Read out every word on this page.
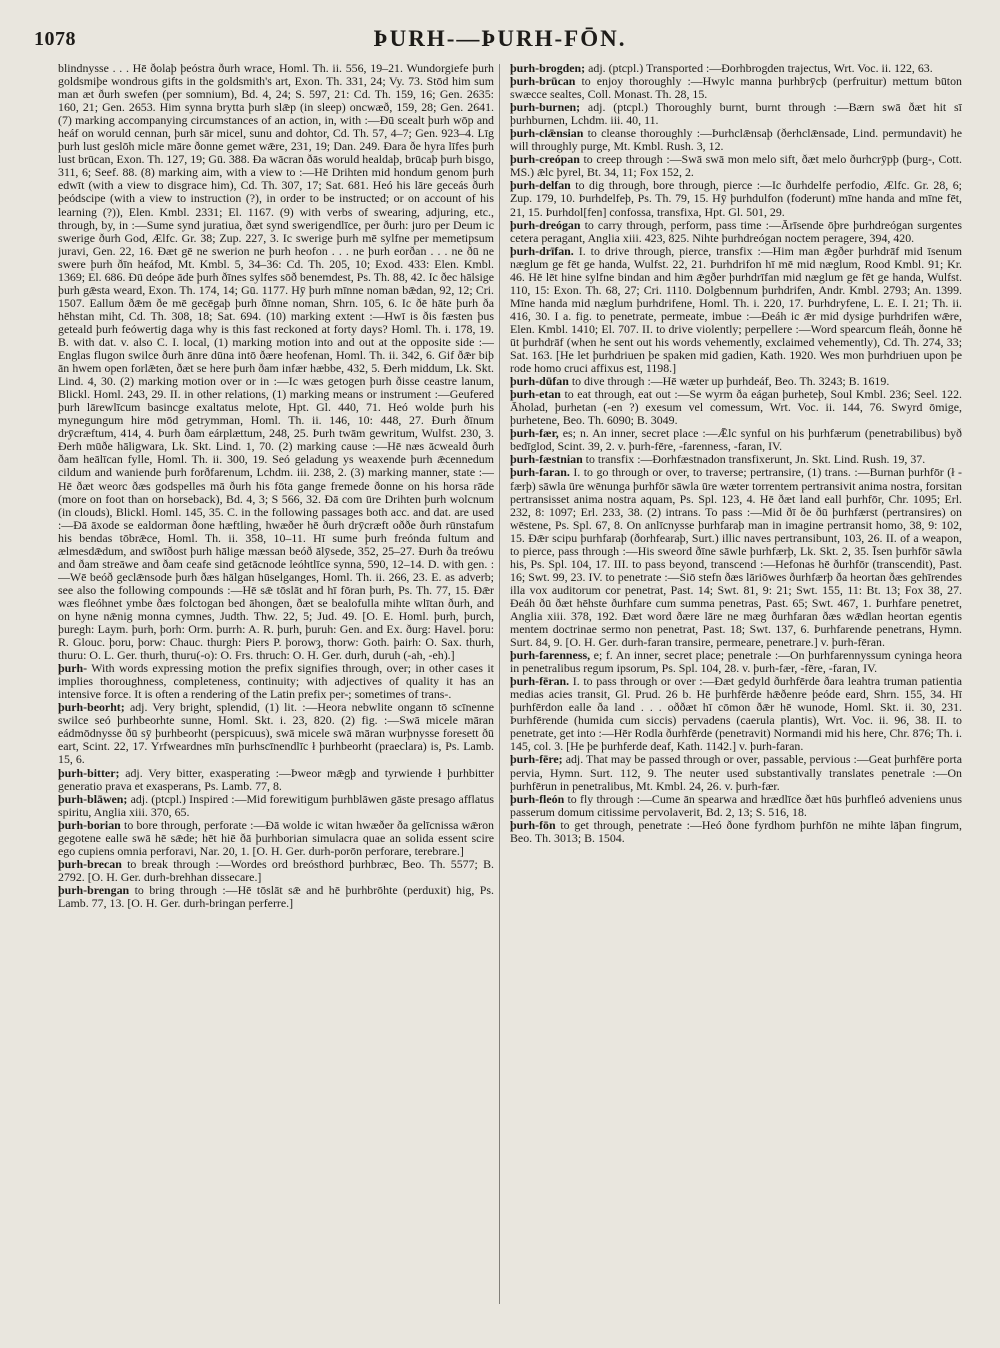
1078	ÞURH-—ÞURH-FŌN.

blindnysse . . . Hē ðolaþ þeóstra ðurh wrace, Homl. Th. ii. 556, 19–21. Wundorgiefe þurh goldsmiþe wondrous gifts in the goldsmith's art, Exon. Th. 331, 24; Vy. 73. Stōd him sum man æt ðurh swefen (per somnium), Bd. 4, 24; S. 597, 21: Cd. Th. 159, 16; Gen. 2635: 160, 21; Gen. 2653. Him synna brytta þurh slǣp (in sleep) oncwæð, 159, 28; Gen. 2641. (7) marking accompanying circumstances of an action, in, with :—Ðū scealt þurh wōp and heáf on woruld cennan, þurh sār micel, sunu and dohtor, Cd. Th. 57, 4–7; Gen. 923–4. Līg þurh lust geslōh micle māre ðonne gemet wǣre, 231, 19; Dan. 249. Ðara ðe hyra līfes þurh lust brūcan, Exon. Th. 127, 19; Gū. 388. Ða wācran ðās woruld healdaþ, brūcaþ þurh bisgo, 311, 6; Seef. 88. (8) marking aim, with a view to :—Hē Drihten mid hondum genom þurh edwīt (with a view to disgrace him), Cd. Th. 307, 17; Sat. 681. Heó his lāre geceás ðurh þeódscipe (with a view to instruction (?), in order to be instructed; or on account of his learning (?)), Elen. Kmbl. 2331; El. 1167. (9) with verbs of swearing, adjuring, etc., through, by, in :—Sume synd juratiua, ðæt synd swerigendlīce, per ðurh: juro per Deum ic swerige ðurh God, Ælfc. Gr. 38; Zup. 227, 3. Ic swerige þurh mē sylfne per memetipsum juravi, Gen. 22, 16. Ðæt gē ne swerion ne þurh heofon . . . ne þurh eorðan . . . ne ðū ne swere þurh ðīn heáfod, Mt. Kmbl. 5, 34–36: Cd. Th. 205, 10; Exod. 433: Elen. Kmbl. 1369; El. 686. Ðū deópe āde þurh ðīnes sylfes sōð benemdest, Ps. Th. 88, 42. Ic ðec hālsige þurh gǣsta weard, Exon. Th. 174, 14; Gū. 1177. Hȳ þurh mīnne noman bǣdan, 92, 12; Cri. 1507. Eallum ðǣm ðe mē gecēgaþ þurh ðīnne noman, Shrn. 105, 6. Ic ðē hāte þurh ða hēhstan miht, Cd. Th. 308, 18; Sat. 694. (10) marking extent :—Hwī is ðis fæsten þus geteald þurh feówertig daga why is this fast reckoned at forty days? Homl. Th. i. 178, 19. B. with dat. v. also C. I. local, (1) marking motion into and out at the opposite side :—Englas flugon swilce ðurh ānre dūna intō ðære heofenan, Homl. Th. ii. 342, 6. Gif ðǣr biþ ān hwem open forlǣten, ðæt se here þurh ðam infær hæbbe, 432, 5. Ðerh middum, Lk. Skt. Lind. 4, 30. (2) marking motion over or in :—Ic wæs getogen þurh ðisse ceastre lanum, Blickl. Homl. 243, 29. II. in other relations, (1) marking means or instrument :—Geufered þurh lārewlīcum basincge exaltatus melote, Hpt. Gl. 440, 71. Heó wolde þurh his mynegungum hire mōd getrymman, Homl. Th. ii. 146, 10: 448, 27. Ðurh ðīnum drȳcræftum, 414, 4. Þurh ðam eárplættum, 248, 25. Þurh twām gewritum, Wulfst. 230, 3. Ðerh mūðe hāligwara, Lk. Skt. Lind. 1, 70. (2) marking cause :—Hē næs ācweald ðurh ðam heālīcan fylle, Homl. Th. ii. 300, 19. Seó geladung ys weaxende þurh ǣcennedum cildum and waniende þurh forðfarenum, Lchdm. iii. 238, 2. (3) marking manner, state :—Hē ðæt weorc ðæs godspelles mā ðurh his fōta gange fremede ðonne on his horsa rāde (more on foot than on horseback), Bd. 4, 3; S 566, 32. Ðā com ūre Drihten þurh wolcnum (in clouds), Blickl. Homl. 145, 35. C. in the following passages both acc. and dat. are used :—Ðā āxode se ealdorman ðone hæftling, hwæðer hē ðurh drȳcræft oððe ðurh rūnstafum his bendas tōbrǣce, Homl. Th. ii. 358, 10–11. Hī sume þurh freónda fultum and ælmesdǣdum, and swīðost þurh hālige mæssan beóð ālȳsede, 352, 25–27. Ðurh ða treówu and ðam streāwe and ðam ceafe sind getācnode leóhtlīce synna, 590, 12–14. D. with gen. :—Wē beóð geclǣnsode þurh ðæs hālgan hūselganges, Homl. Th. ii. 266, 23. E. as adverb; see also the following compounds :—Hē sǣ tōslāt and hī fōran þurh, Ps. Th. 77, 15. Ðǣr wæs fleóhnet ymbe ðæs folctogan bed āhongen, ðæt se bealofulla mihte wlītan ðurh, and on hyne nǣnig monna cymnes, Judth. Thw. 22, 5; Jud. 49. [O. E. Homl. þurh, þurch, þuregh: Laym. þurh, þorh: Orm. þurrh: A. R. þurh, þuruh: Gen. and Ex. ðurg: Havel. þoru: R. Glouc. þoru, þorw: Chauc. thurgh: Piers P. þorowȝ, thorw: Goth. þairh: O. Sax. thurh, thuru: O. L. Ger. thurh, thuru(-o): O. Frs. thruch: O. H. Ger. durh, duruh (-ah, -eh).]

þurh- With words expressing motion the prefix signifies through, over; in other cases it implies thoroughness, completeness, continuity; with adjectives of quality it has an intensive force. It is often a rendering of the Latin prefix per-; sometimes of trans-.

þurh-beorht; adj. Very bright, splendid, (1) lit. :—Heora nebwlite ongann tō scīnenne swilce seó þurhbeorhte sunne, Homl. Skt. i. 23, 820. (2) fig. :—Swā micele māran eádmōdnysse ðū sȳ þurhbeorht (perspicuus), swā micele swā māran wurþnysse foresett ðū eart, Scint. 22, 17. Yrfweardnes mīn þurhscīnendlīc ł þurhbeorht (praeclara) is, Ps. Lamb. 15, 6.

þurh-bitter; adj. Very bitter, exasperating :—Þweor mǣgþ and tyrwiende ł þurhbitter generatio prava et exasperans, Ps. Lamb. 77, 8.

þurh-blāwen; adj. (ptcpl.) Inspired :—Mid forewitigum þurhblāwen gāste presago afflatus spiritu, Anglia xiii. 370, 65.

þurh-borian to bore through, perforate :—Ðā wolde ic witan hwæðer ða gelīcnissa wǣron gegotene ealle swā hē sǣde; hēt hiē ðā þurhborian simulacra quae an solida essent scire ego cupiens omnia perforavi, Nar. 20, 1. [O. H. Ger. durh-porōn perforare, terebrare.]

þurh-brecan to break through :—Wordes ord breósthord þurhbræc, Beo. Th. 5577; B. 2792. [O. H. Ger. durh-brehhan dissecare.]

þurh-brengan to bring through :—Hē tōslāt sǣ and hē þurhbrōhte (perduxit) hig, Ps. Lamb. 77, 13. [O. H. Ger. durh-bringan perferre.]

þurh-brogden; adj. (ptcpl.) Transported :—Ðorhbrogden trajectus, Wrt. Voc. ii. 122, 63.

þurh-brūcan to enjoy thoroughly :—Hwylc manna þurhbrȳcþ (perfruitur) mettum būton swæcce sealtes, Coll. Monast. Th. 28, 15.

þurh-burnen; adj. (ptcpl.) Thoroughly burnt, burnt through :—Bærn swā ðæt hit sī þurhburnen, Lchdm. iii. 40, 11.

þurh-clǣnsian to cleanse thoroughly :—Þurhclǣnsaþ (ðerhclǣnsade, Lind. permundavit) he will throughly purge, Mt. Kmbl. Rush. 3, 12.

þurh-creópan to creep through :—Swā swā mon melo sift, ðæt melo ðurhcrȳpþ (þurg-, Cott. MS.) ǣlc þyrel, Bt. 34, 11; Fox 152, 2.

þurh-delfan to dig through, bore through, pierce :—Ic ðurhdelfe perfodio, Ælfc. Gr. 28, 6; Zup. 179, 10. Þurhdelfeþ, Ps. Th. 79, 15. Hȳ þurhdulfon (foderunt) mīne handa and mīne fēt, 21, 15. Þurhdol[fen] confossa, transfixa, Hpt. Gl. 501, 29.

þurh-dreógan to carry through, perform, pass time :—Ārīsende ōþre þurhdreógan surgentes cetera peragant, Anglia xiii. 423, 825. Nihte þurhdreógan noctem peragere, 394, 420.

þurh-drīfan. I. to drive through, pierce, transfix :—Him man ǣgðer þurhdrāf mid īsenum næglum ge fēt ge handa, Wulfst. 22, 21. Þurhdrifon hī mē mid næglum, Rood Kmbl. 91; Kr. 46. Hē lēt hine sylfne bindan and him ǣgðer þurhdrīfan mid næglum ge fēt ge handa, Wulfst. 110, 15: Exon. Th. 68, 27; Cri. 1110. Dolgbennum þurhdrifen, Andr. Kmbl. 2793; An. 1399. Mīne handa mid næglum þurhdrifene, Homl. Th. i. 220, 17. Þurhdryfene, L. E. I. 21; Th. ii. 416, 30. I a. fig. to penetrate, permeate, imbue :—Ðeáh ic ǣr mid dysige þurhdrifen wǣre, Elen. Kmbl. 1410; El. 707. II. to drive violently; perpellere :—Word spearcum fleáh, ðonne hē ūt þurhdrāf (when he sent out his words vehemently, exclaimed vehemently), Cd. Th. 274, 33; Sat. 163. [He let þurhdriuen þe spaken mid gadien, Kath. 1920. Wes mon þurhdriuen upon þe rode homo cruci affixus est, 1198.]

þurh-dūfan to dive through :—Hē wæter up þurhdeáf, Beo. Th. 3243; B. 1619.

þurh-etan to eat through, eat out :—Se wyrm ða eágan þurheteþ, Soul Kmbl. 236; Seel. 122. Āholad, þurhetan (-en ?) exesum vel comessum, Wrt. Voc. ii. 144, 76. Swyrd ōmige, þurhetene, Beo. Th. 6090; B. 3049.

þurh-fær, es; n. An inner, secret place :—Ǣlc synful on his þurhfærum (penetrabilibus) byð bedīglod, Scint. 39, 2. v. þurh-fēre, -farenness, -faran, IV.

þurh-fæstnian to transfix :—Ðorhfæstnadon transfixerunt, Jn. Skt. Lind. Rush. 19, 37.

þurh-faran. I. to go through or over, to traverse; pertransire, (1) trans. :—Burnan þurhfōr (ł -færþ) sāwla ūre wēnunga þurhfōr sāwla ūre wæter torrentem pertransivit anima nostra, forsitan pertransisset anima nostra aquam, Ps. Spl. 123, 4. Hē ðæt land eall þurhfōr, Chr. 1095; Erl. 232, 8: 1097; Erl. 233, 38. (2) intrans. To pass :—Mid ðī ðe ðū þurhfærst (pertransires) on wēstene, Ps. Spl. 67, 8. On anlīcnysse þurhfaraþ man in imagine pertransit homo, 38, 9: 102, 15. Ðǣr scipu þurhfaraþ (ðorhfearaþ, Surt.) illic naves pertransibunt, 103, 26. II. of a weapon, to pierce, pass through :—His sweord ðīne sāwle þurhfærþ, Lk. Skt. 2, 35. Īsen þurhfōr sāwla his, Ps. Spl. 104, 17. III. to pass beyond, transcend :—Hefonas hē ðurhfōr (transcendit), Past. 16; Swt. 99, 23. IV. to penetrate :—Siō stefn ðæs lāriōwes ðurhfærþ ða heortan ðæs gehīrendes illa vox auditorum cor penetrat, Past. 14; Swt. 81, 9: 21; Swt. 155, 11: Bt. 13; Fox 38, 27. Ðeáh ðū ðæt hēhste ðurhfare cum summa penetras, Past. 65; Swt. 467, 1. Þurhfare penetret, Anglia xiii. 378, 192. Ðæt word ðære lāre ne mæg ðurhfaran ðæs wǣdlan heortan egentis mentem doctrinae sermo non penetrat, Past. 18; Swt. 137, 6. Þurhfarende penetrans, Hymn. Surt. 84, 9. [O. H. Ger. durh-faran transire, permeare, penetrare.] v. þurh-fēran.

þurh-farenness, e; f. An inner, secret place; penetrale :—On þurhfarennyssum cyninga heora in penetralibus regum ipsorum, Ps. Spl. 104, 28. v. þurh-fær, -fēre, -faran, IV.

þurh-fēran. I. to pass through or over :—Ðæt gedyld ðurhfērde ðara leahtra truman patientia medias acies transit, Gl. Prud. 26 b. Hē þurhfērde hǣðenre þeóde eard, Shrn. 155, 34. Hī þurhfērdon ealle ða land . . . oððæt hī cōmon ðǣr hē wunode, Homl. Skt. ii. 30, 231. Þurhfērende (humida cum siccis) pervadens (caerula plantis), Wrt. Voc. ii. 96, 38. II. to penetrate, get into :—Hēr Rodla ðurhfērde (penetravit) Normandi mid his here, Chr. 876; Th. i. 145, col. 3. [He þe þurhferde deaf, Kath. 1142.] v. þurh-faran.

þurh-fēre; adj. That may be passed through or over, passable, pervious :—Geat þurhfēre porta pervia, Hymn. Surt. 112, 9. The neuter used substantivally translates penetrale :—On þurhfērun in penetralibus, Mt. Kmbl. 24, 26. v. þurh-fær.

þurh-fleón to fly through :—Cume ān spearwa and hrædlīce ðæt hūs þurhfleó adveniens unus passerum domum citissime pervolaverit, Bd. 2, 13; S. 516, 18.

þurh-fōn to get through, penetrate :—Heó ðone fyrdhom þurhfōn ne mihte lāþan fingrum, Beo. Th. 3013; B. 1504.
